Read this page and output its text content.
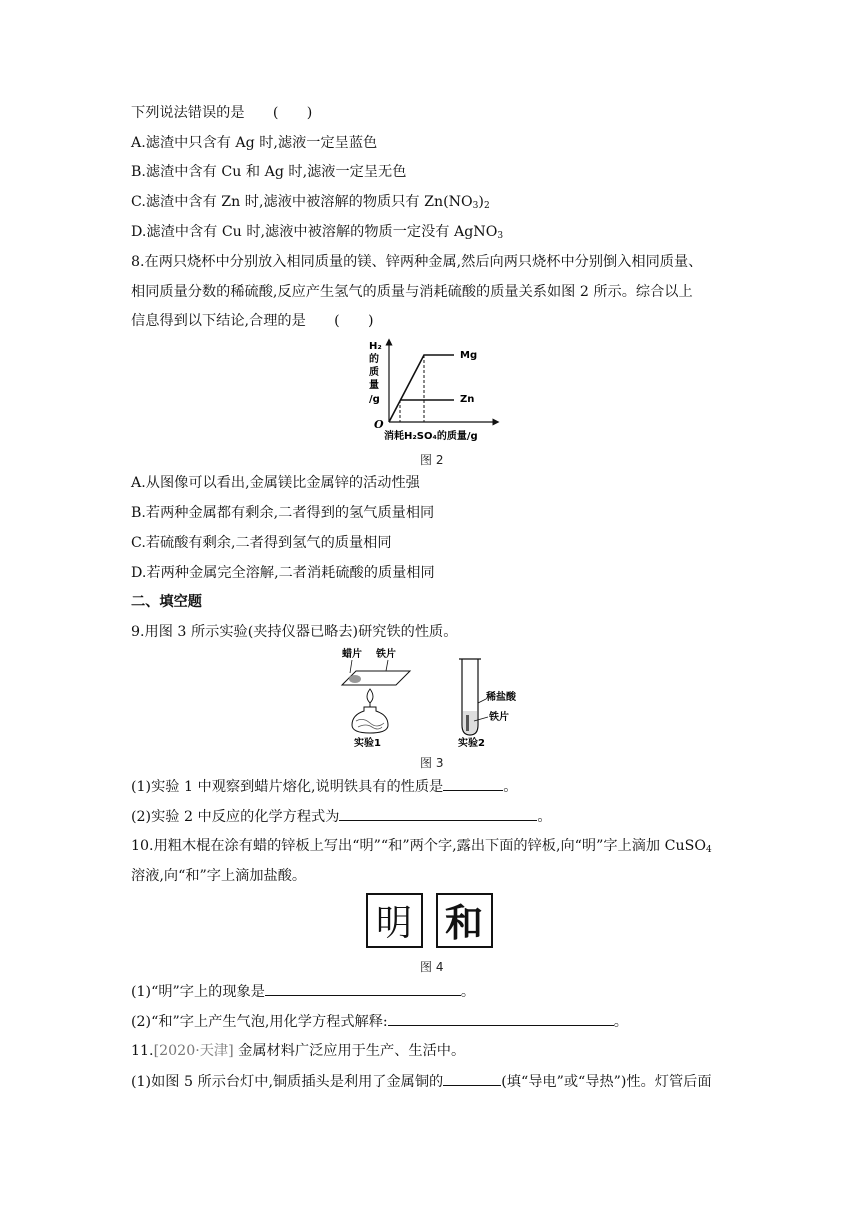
下列说法错误的是　　(　　)
A.滤渣中只含有 Ag 时,滤液一定呈蓝色
B.滤渣中含有 Cu 和 Ag 时,滤液一定呈无色
C.滤渣中含有 Zn 时,滤液中被溶解的物质只有 $Zn(NO_3)_2$
D.滤渣中含有 Cu 时,滤液中被溶解的物质一定没有 AgNO$_3$
8.在两只烧杯中分别放入相同质量的镁、锌两种金属,然后向两只烧杯中分别倒入相同质量、
相同质量分数的稀硫酸,反应产生氢气的质量与消耗硫酸的质量关系如图 2 所示。综合以上
信息得到以下结论,合理的是　　(　　)
H₂
的
质
量
/g
O
Mg
Zn
消耗H₂SO₄的质量/g
图 2
A.从图像可以看出,金属镁比金属锌的活动性强
B.若两种金属都有剩余,二者得到的氢气质量相同
C.若硫酸有剩余,二者得到氢气的质量相同
D.若两种金属完全溶解,二者消耗硫酸的质量相同
二、填空题
9.用图 3 所示实验(夹持仪器已略去)研究铁的性质。
蜡片 铁片
实验1
稀盐酸
铁片
实验2
图 3
(1)实验 1 中观察到蜡片熔化,说明铁具有的性质是	。
(2)实验 2 中反应的化学方程式为	。
10.用粗木棍在涂有蜡的锌板上写出“明”“和”两个字,露出下面的锌板,向“明”字上滴加 CuSO$_4$
溶液,向“和”字上滴加盐酸。
明 和
图 4
(1)“明”字上的现象是	。
(2)“和”字上产生气泡,用化学方程式解释:	。
11.[2020·天津] 金属材料广泛应用于生产、生活中。
(1)如图 5 所示台灯中,铜质插头是利用了金属铜的	(填“导电”或“导热”)性。灯管后面
